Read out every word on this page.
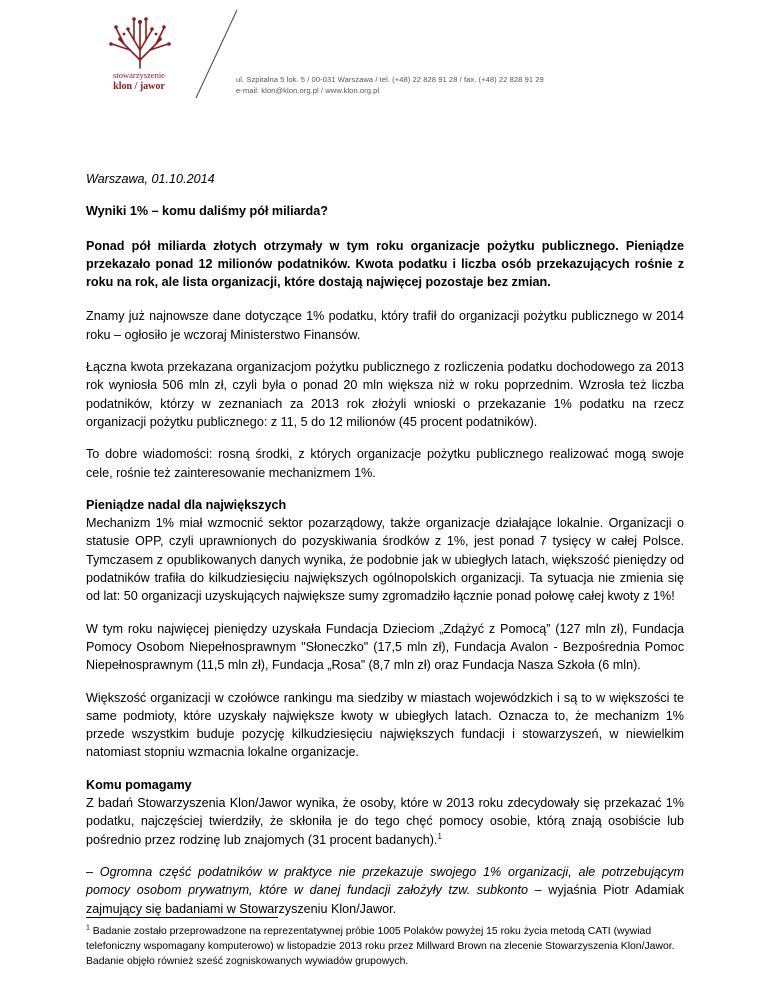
stowarzyszenie
klon / jawor
ul. Szpitalna 5 lok. 5 / 00-031 Warszawa / tel. (+48) 22 828 91 28 / fax. (+48) 22 828 91 29
e-mail: klon@klon.org.pl / www.klon.org.pl

Warszawa, 01.10.2014

Wyniki 1% – komu daliśmy pół miliarda?

Ponad pół miliarda złotych otrzymały w tym roku organizacje pożytku publicznego. Pieniądze przekazało ponad 12 milionów podatników. Kwota podatku i liczba osób przekazujących rośnie z roku na rok, ale lista organizacji, które dostają najwięcej pozostaje bez zmian.

Znamy już najnowsze dane dotyczące 1% podatku, który trafił do organizacji pożytku publicznego w 2014 roku – ogłosiło je wczoraj Ministerstwo Finansów.

Łączna kwota przekazana organizacjom pożytku publicznego z rozliczenia podatku dochodowego za 2013 rok wyniosła 506 mln zł, czyli była o ponad 20 mln większa niż w roku poprzednim. Wzrosła też liczba podatników, którzy w zeznaniach za 2013 rok złożyli wnioski o przekazanie 1% podatku na rzecz organizacji pożytku publicznego: z 11, 5 do 12 milionów (45 procent podatników).

To dobre wiadomości: rosną środki, z których organizacje pożytku publicznego realizować mogą swoje cele, rośnie też zainteresowanie mechanizmem 1%.

Pieniądze nadal dla największych
Mechanizm 1% miał wzmocnić sektor pozarządowy, także organizacje działające lokalnie. Organizacji o statusie OPP, czyli uprawnionych do pozyskiwania środków z 1%, jest ponad 7 tysięcy w całej Polsce. Tymczasem z opublikowanych danych wynika, że podobnie jak w ubiegłych latach, większość pieniędzy od podatników trafiła do kilkudziesięciu największych ogólnopolskich organizacji. Ta sytuacja nie zmienia się od lat: 50 organizacji uzyskujących największe sumy zgromadziło łącznie ponad połowę całej kwoty z 1%!

W tym roku najwięcej pieniędzy uzyskała Fundacja Dzieciom „Zdążyć z Pomocą” (127 mln zł), Fundacja Pomocy Osobom Niepełnosprawnym "Słoneczko" (17,5 mln zł), Fundacja Avalon - Bezpośrednia Pomoc Niepełnosprawnym (11,5 mln zł), Fundacja „Rosa” (8,7 mln zł) oraz Fundacja Nasza Szkoła (6 mln).

Większość organizacji w czołówce rankingu ma siedziby w miastach wojewódzkich i są to w większości te same podmioty, które uzyskały największe kwoty w ubiegłych latach. Oznacza to, że mechanizm 1% przede wszystkim buduje pozycję kilkudziesięciu największych fundacji i stowarzyszeń, w niewielkim natomiast stopniu wzmacnia lokalne organizacje.

Komu pomagamy
Z badań Stowarzyszenia Klon/Jawor wynika, że osoby, które w 2013 roku zdecydowały się przekazać 1% podatku, najczęściej twierdziły, że skłoniła je do tego chęć pomocy osobie, którą znają osobiście lub pośrednio przez rodzinę lub znajomych (31 procent badanych).$^1$

– Ogromna część podatników w praktyce nie przekazuje swojego 1% organizacji, ale potrzebującym pomocy osobom prywatnym, które w danej fundacji założyły tzw. subkonto – wyjaśnia Piotr Adamiak zajmujący się badaniami w Stowarzyszeniu Klon/Jawor.

$^1$ Badanie zostało przeprowadzone na reprezentatywnej próbie 1005 Polaków powyżej 15 roku życia metodą CATI (wywiad telefoniczny wspomagany komputerowo) w listopadzie 2013 roku przez Millward Brown na zlecenie Stowarzyszenia Klon/Jawor. Badanie objęło również sześć zogniskowanych wywiadów grupowych.
